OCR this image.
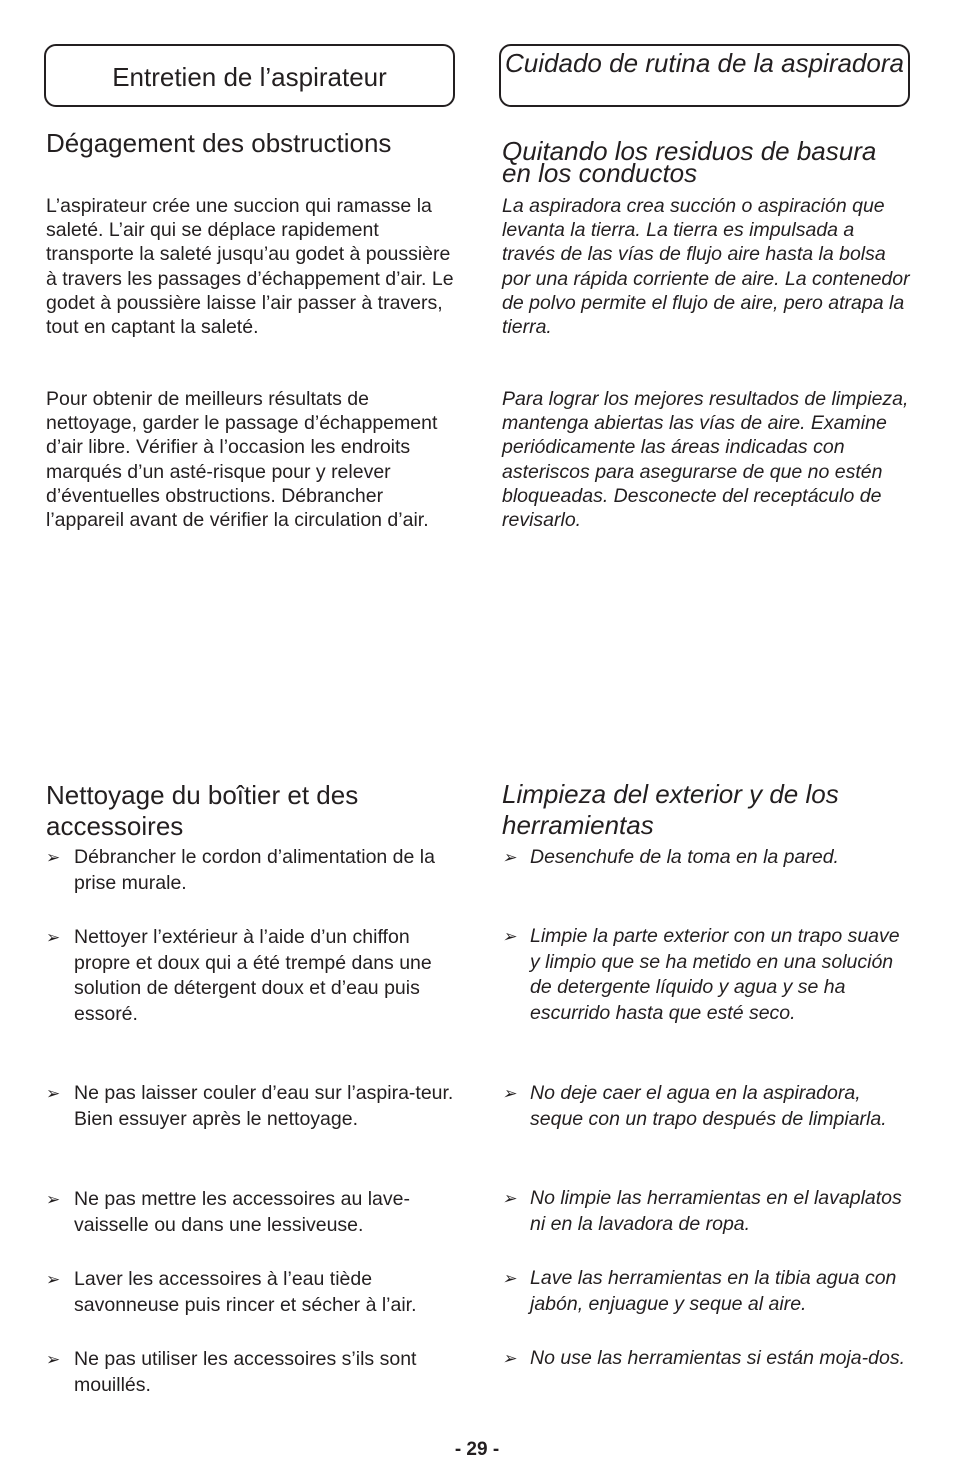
Entretien de l’aspirateur	Cuidado de rutina de la aspiradora
Dégagement des obstructions
L’aspirateur crée une succion qui ramasse la saleté. L’air qui se déplace rapidement transporte la saleté jusqu’au godet à poussière à travers les passages d’échappement d’air. Le godet à poussière laisse l’air passer à travers, tout en captant la saleté.
Pour obtenir de meilleurs résultats de nettoyage, garder le passage d’échappement d’air libre. Vérifier à l’occasion les endroits marqués d’un asté-risque pour y relever d’éventuelles obstructions. Débrancher l’appareil avant de vérifier la circulation d’air.
Quitando los residuos de basura en los conductos
La aspiradora crea succión o aspiración que levanta la tierra. La tierra es impulsada a través de las vías de flujo aire hasta la bolsa por una rápida corriente de aire. La contenedor de polvo permite el flujo de aire, pero atrapa la tierra.
Para lograr los mejores resultados de limpieza, mantenga abiertas las vías de aire. Examine periódicamente las áreas indicadas con asteriscos para asegurarse de que no estén bloqueadas. Desconecte del receptáculo de revisarlo.
Nettoyage du boîtier et des accessoires
➢ Débrancher le cordon d’alimentation de la prise murale.
➢ Nettoyer l’extérieur à l’aide d’un chiffon propre et doux qui a été trempé dans une solution de détergent doux et d’eau puis essoré.
➢ Ne pas laisser couler d’eau sur l’aspira-teur. Bien essuyer après le nettoyage.
➢ Ne pas mettre les accessoires au lave-vaisselle ou dans une lessiveuse.
➢ Laver les accessoires à l’eau tiède savonneuse puis rincer et sécher à l’air.
➢ Ne pas utiliser les accessoires s’ils sont mouillés.
Limpieza del exterior y de los herramientas
➢ Desenchufe de la toma en la pared.
➢ Limpie la parte exterior con un trapo suave y limpio que se ha metido en una solución de detergente líquido y agua y se ha escurrido hasta que esté seco.
➢ No deje caer el agua en la aspiradora, seque con un trapo después de limpiarla.
➢ No limpie las herramientas en el lavaplatos ni en la lavadora de ropa.
➢ Lave las herramientas en la tibia agua con jabón, enjuague y seque al aire.
➢ No use las herramientas si están moja-dos.
- 29 -
